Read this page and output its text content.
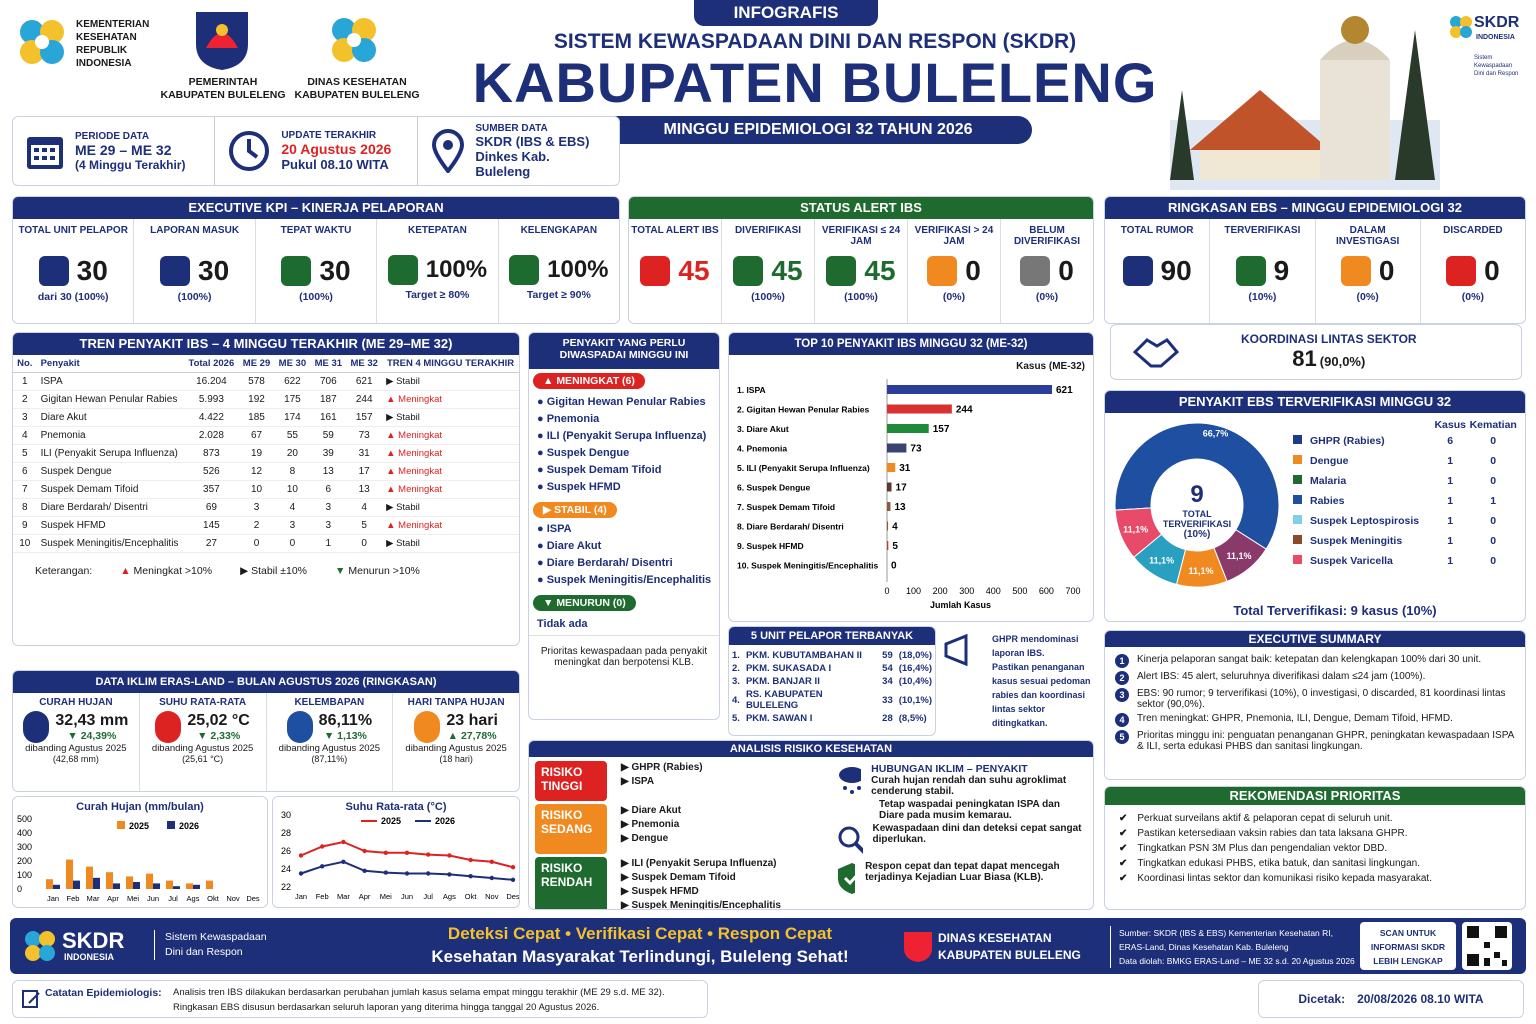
KEMENTERIAN
KESEHATAN
REPUBLIK
INDONESIA
PEMERINTAH
KABUPATEN BULELENG
DINAS KESEHATAN
KABUPATEN BULELENG
INFOGRAFIS
SISTEM KEWASPADAAN DINI DAN RESPON (SKDR)
KABUPATEN BULELENG
MINGGU EPIDEMIOLOGI 32 TAHUN 2026
SKDR
INDONESIA
Sistem Kewaspadaan
Dini dan Respon
PERIODE DATA
ME 29 – ME 32
(4 Minggu Terakhir)
UPDATE TERAKHIR
20 Agustus 2026
Pukul 08.10 WITA
SUMBER DATA
SKDR (IBS & EBS)
Dinkes Kab. Buleleng
EXECUTIVE KPI – KINERJA PELAPORAN
TOTAL UNIT PELAPOR
30
dari 30 (100%)
LAPORAN MASUK
30
(100%)
TEPAT WAKTU
30
(100%)
KETEPATAN
100%
Target ≥ 80%
KELENGKAPAN
100%
Target ≥ 90%
STATUS ALERT IBS
TOTAL ALERT IBS
45
DIVERIFIKASI
45
(100%)
VERIFIKASI ≤ 24 JAM
45
(100%)
VERIFIKASI > 24 JAM
0
(0%)
BELUM DIVERIFIKASI
0
(0%)
RINGKASAN EBS – MINGGU EPIDEMIOLOGI 32
TOTAL RUMOR
90
TERVERIFIKASI
9
(10%)
DALAM INVESTIGASI
0
(0%)
DISCARDED
0
(0%)
KOORDINASI LINTAS SEKTOR
81 (90,0%)
TREN PENYAKIT IBS – 4 MINGGU TERAKHIR (ME 29–ME 32)
No.	Penyakit	Total 2026	ME 29	ME 30	ME 31	ME 32	TREN 4 MINGGU TERAKHIR
1	ISPA	16.204	578	622	706	621	▶ Stabil
2	Gigitan Hewan Penular Rabies	5.993	192	175	187	244	▲ Meningkat
3	Diare Akut	4.422	185	174	161	157	▶ Stabil
4	Pnemonia	2.028	67	55	59	73	▲ Meningkat
5	ILI (Penyakit Serupa Influenza)	873	19	20	39	31	▲ Meningkat
6	Suspek Dengue	526	12	8	13	17	▲ Meningkat
7	Suspek Demam Tifoid	357	10	10	6	13	▲ Meningkat
8	Diare Berdarah/ Disentri	69	3	4	3	4	▶ Stabil
9	Suspek HFMD	145	2	3	3	5	▲ Meningkat
10	Suspek Meningitis/Encephalitis	27	0	0	1	0	▶ Stabil
Keterangan:	▲ Meningkat >10%	▶ Stabil ±10%	▼ Menurun >10%
PENYAKIT YANG PERLU DIWASPADAI MINGGU INI
▲ MENINGKAT (6)
● Gigitan Hewan Penular Rabies
● Pnemonia
● ILI (Penyakit Serupa Influenza)
● Suspek Dengue
● Suspek Demam Tifoid
● Suspek HFMD
▶ STABIL (4)
● ISPA
● Diare Akut
● Diare Berdarah/ Disentri
● Suspek Meningitis/Encephalitis
▼ MENURUN (0)
Tidak ada
Prioritas kewaspadaan pada penyakit meningkat dan berpotensi KLB.
TOP 10 PENYAKIT IBS MINGGU 32 (ME-32)
Kasus (ME-32)
1. ISPA	621
2. Gigitan Hewan Penular Rabies	244
3. Diare Akut	157
4. Pnemonia	73
5. ILI (Penyakit Serupa Influenza)	31
6. Suspek Dengue	17
7. Suspek Demam Tifoid	13
8. Diare Berdarah/ Disentri	4
9. Suspek HFMD	5
10. Suspek Meningitis/Encephalitis 0
0 100 200 300 400 500 600 700
Jumlah Kasus
5 UNIT PELAPOR TERBANYAK
1.	PKM. KUBUTAMBAHAN II	59	(18,0%)
2.	PKM. SUKASADA I	54	(16,4%)
3.	PKM. BANJAR II	34	(10,4%)
4.	RS. KABUPATEN BULELENG	33	(10,1%)
5.	PKM. SAWAN I	28	(8,5%)
GHPR mendominasi
laporan IBS.
Pastikan penanganan
kasus sesuai pedoman
rabies dan koordinasi
lintas sektor
ditingkatkan.
DATA IKLIM ERAS-LAND – BULAN AGUSTUS 2026 (RINGKASAN)
CURAH HUJAN
32,43 mm
▼ 24,39%
dibanding Agustus 2025
(42,68 mm)
SUHU RATA-RATA
25,02 °C
▼ 2,33%
dibanding Agustus 2025
(25,61 °C)
KELEMBAPAN
86,11%
▼ 1,13%
dibanding Agustus 2025
(87,11%)
HARI TANPA HUJAN
23 hari
▲ 27,78%
dibanding Agustus 2025
(18 hari)
Curah Hujan (mm/bulan)
0
100
200
300
400
500
Jan Feb Mar Apr Mei Jun Jul Ags Okt Nov Des
2025	2026
Suhu Rata-rata (°C)
22
24
26
28
30
Jan Feb Mar Apr Mei Jun Jul Ags Okt Nov Des
2025	2026
ANALISIS RISIKO KESEHATAN
RISIKO
TINGGI
▶ GHPR (Rabies)
▶ ISPA
RISIKO
SEDANG
▶ Diare Akut
▶ Pnemonia
▶ Dengue
RISIKO
RENDAH
▶ ILI (Penyakit Serupa Influenza)
▶ Suspek Demam Tifoid
▶ Suspek HFMD
▶ Suspek Meningitis/Encephalitis
HUBUNGAN IKLIM – PENYAKIT
Curah hujan rendah dan suhu agroklimat cenderung stabil.
Tetap waspadai peningkatan ISPA dan Diare pada musim kemarau.
Kewaspadaan dini dan deteksi cepat sangat diperlukan.
Respon cepat dan tepat dapat mencegah terjadinya Kejadian Luar Biasa (KLB).
PENYAKIT EBS TERVERIFIKASI MINGGU 32
66,7%
11,1%
11,1%
11,1%
11,1%
9
TOTAL TERVERIFIKASI
(10%)
	Kasus	Kematian
GHPR (Rabies)	6	0
Dengue	1	0
Malaria	1	0
Rabies	1	1
Suspek Leptospirosis	1	0
Suspek Meningitis	1	0
Suspek Varicella	1	0
Total Terverifikasi: 9 kasus (10%)
EXECUTIVE SUMMARY
1	Kinerja pelaporan sangat baik: ketepatan dan kelengkapan 100% dari 30 unit.
2	Alert IBS: 45 alert, seluruhnya diverifikasi dalam ≤24 jam (100%).
3	EBS: 90 rumor; 9 terverifikasi (10%), 0 investigasi, 0 discarded, 81 koordinasi lintas sektor (90,0%).
4	Tren meningkat: GHPR, Pnemonia, ILI, Dengue, Demam Tifoid, HFMD.
5	Prioritas minggu ini: penguatan penanganan GHPR, peningkatan kewaspadaan ISPA & ILI, serta edukasi PHBS dan sanitasi lingkungan.
REKOMENDASI PRIORITAS
✔ Perkuat surveilans aktif & pelaporan cepat di seluruh unit.
✔ Pastikan ketersediaan vaksin rabies dan tata laksana GHPR.
✔ Tingkatkan PSN 3M Plus dan pengendalian vektor DBD.
✔ Tingkatkan edukasi PHBS, etika batuk, dan sanitasi lingkungan.
✔ Koordinasi lintas sektor dan komunikasi risiko kepada masyarakat.
SKDR
INDONESIA
Sistem Kewaspadaan
Dini dan Respon
Deteksi Cepat • Verifikasi Cepat • Respon Cepat
Kesehatan Masyarakat Terlindungi, Buleleng Sehat!
DINAS KESEHATAN
KABUPATEN BULELENG
Sumber: SKDR (IBS & EBS) Kementerian Kesehatan RI,
ERAS-Land, Dinas Kesehatan Kab. Buleleng
Data diolah: BMKG ERAS-Land – ME 32 s.d. 20 Agustus 2026
SCAN UNTUK
INFORMASI SKDR
LEBIH LENGKAP
Catatan Epidemiologis: Analisis tren IBS dilakukan berdasarkan perubahan jumlah kasus selama empat minggu terakhir (ME 29 s.d. ME 32).
Ringkasan EBS disusun berdasarkan seluruh laporan yang diterima hingga tanggal 20 Agustus 2026.
Dicetak: 20/08/2026 08.10 WITA
